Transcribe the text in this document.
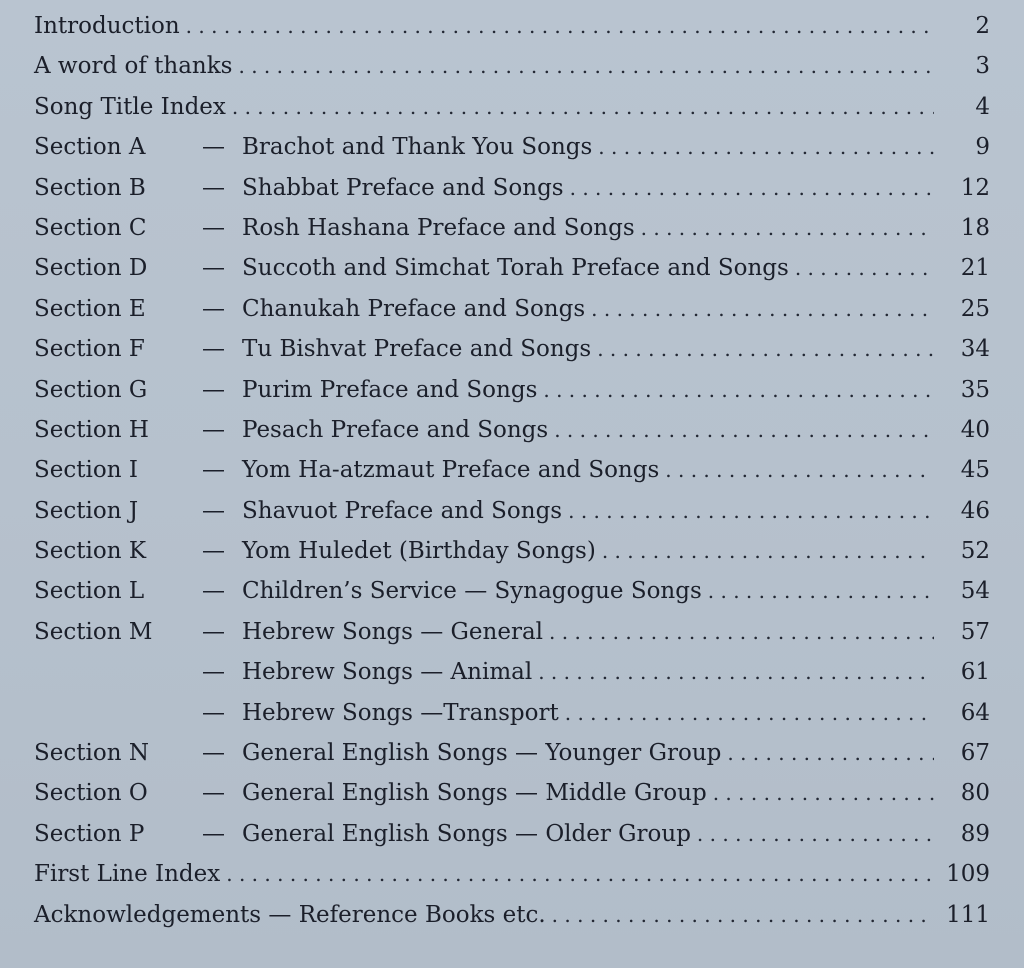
Introduction . . .	2
A word of thanks . . .	3
Song Title Index . . .	4
Section A	— Brachot and Thank You Songs . . .	9
Section B	— Shabbat Preface and Songs . . .	12
Section C	— Rosh Hashana Preface and Songs . . .	18
Section D	— Succoth and Simchat Torah Preface and Songs . . .	21
Section E	— Chanukah Preface and Songs . . .	25
Section F	— Tu Bishvat Preface and Songs . . .	34
Section G	— Purim Preface and Songs . . .	35
Section H	— Pesach Preface and Songs . . .	40
Section I	— Yom Ha-atzmaut Preface and Songs . . .	45
Section J	— Shavuot Preface and Songs . . .	46
Section K	— Yom Huledet (Birthday Songs) . . .	52
Section L	— Children’s Service — Synagogue Songs . . .	54
Section M	— Hebrew Songs — General . . .	57
— Hebrew Songs — Animal . . .	61
— Hebrew Songs —Transport . . .	64
Section N	— General English Songs — Younger Group . . .	67
Section O	— General English Songs — Middle Group . . .	80
Section P	— General English Songs — Older Group . . .	89
First Line Index . . .	109
Acknowledgements — Reference Books etc. . . .	111
